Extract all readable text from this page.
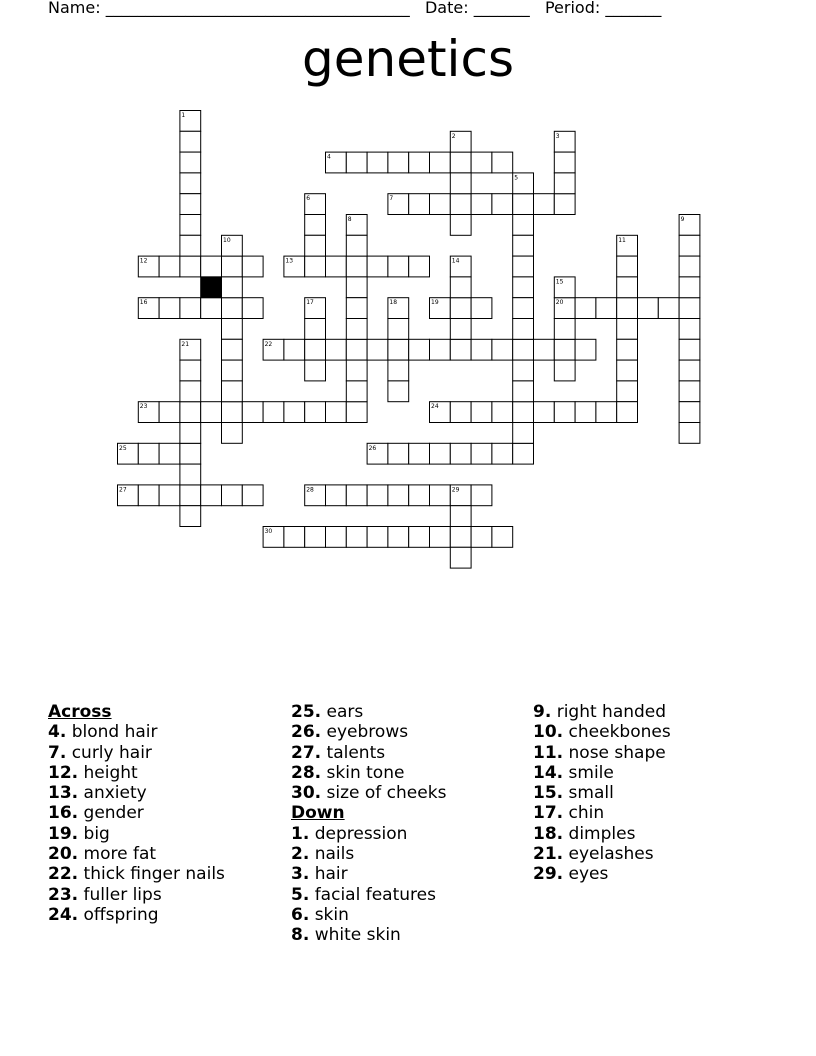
Name: ______________________________________ Date: _______ Period: _______
genetics
4
7
12	13
16	19	20
22
23	24
25	26
27	28
30
1
2	3
5
6
8	9
10	11
14
15
17	18
21
29
Across
4. blond hair
7. curly hair
12. height
13. anxiety
16. gender
19. big
20. more fat
22. thick finger nails
23. fuller lips
24. offspring
25. ears
26. eyebrows
27. talents
28. skin tone
30. size of cheeks
Down
1. depression
2. nails
3. hair
5. facial features
6. skin
8. white skin
9. right handed
10. cheekbones
11. nose shape
14. smile
15. small
17. chin
18. dimples
21. eyelashes
29. eyes
